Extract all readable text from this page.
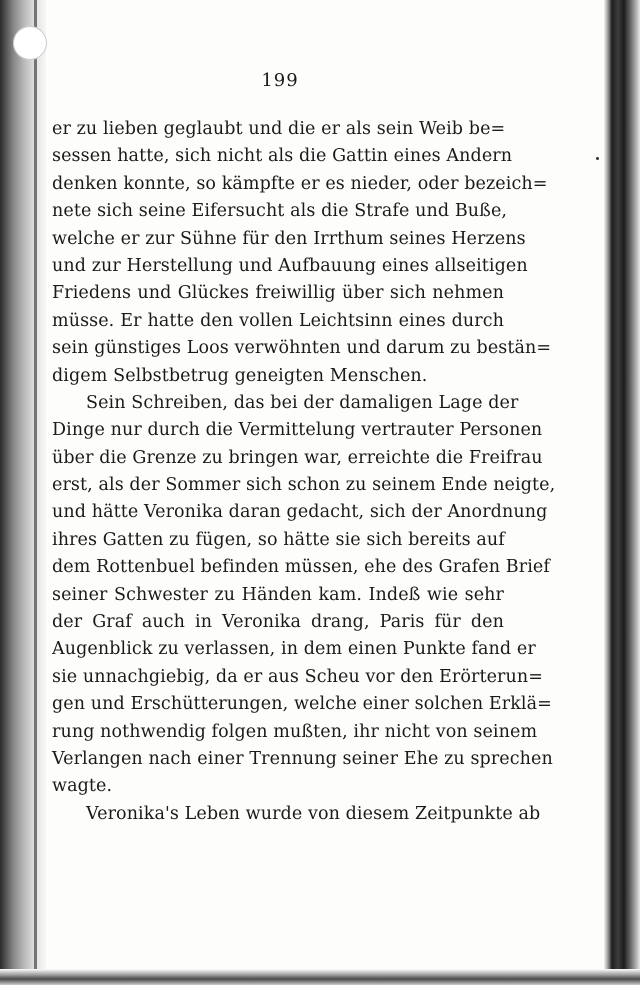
199
er zu lieben geglaubt und die er als sein Weib be=
sessen hatte, sich nicht als die Gattin eines Andern
denken konnte, so kämpfte er es nieder, oder bezeich=
nete sich seine Eifersucht als die Strafe und Buße,
welche er zur Sühne für den Irrthum seines Herzens
und zur Herstellung und Aufbauung eines allseitigen
Friedens und Glückes freiwillig über sich nehmen
müsse. Er hatte den vollen Leichtsinn eines durch
sein günstiges Loos verwöhnten und darum zu bestän=
digem Selbstbetrug geneigten Menschen.
Sein Schreiben, das bei der damaligen Lage der
Dinge nur durch die Vermittelung vertrauter Personen
über die Grenze zu bringen war, erreichte die Freifrau
erst, als der Sommer sich schon zu seinem Ende neigte,
und hätte Veronika daran gedacht, sich der Anordnung
ihres Gatten zu fügen, so hätte sie sich bereits auf
dem Rottenbuel befinden müssen, ehe des Grafen Brief
seiner Schwester zu Händen kam. Indeß wie sehr
der Graf auch in Veronika drang, Paris für den
Augenblick zu verlassen, in dem einen Punkte fand er
sie unnachgiebig, da er aus Scheu vor den Erörterun=
gen und Erschütterungen, welche einer solchen Erklä=
rung nothwendig folgen mußten, ihr nicht von seinem
Verlangen nach einer Trennung seiner Ehe zu sprechen
wagte.
Veronika's Leben wurde von diesem Zeitpunkte ab
